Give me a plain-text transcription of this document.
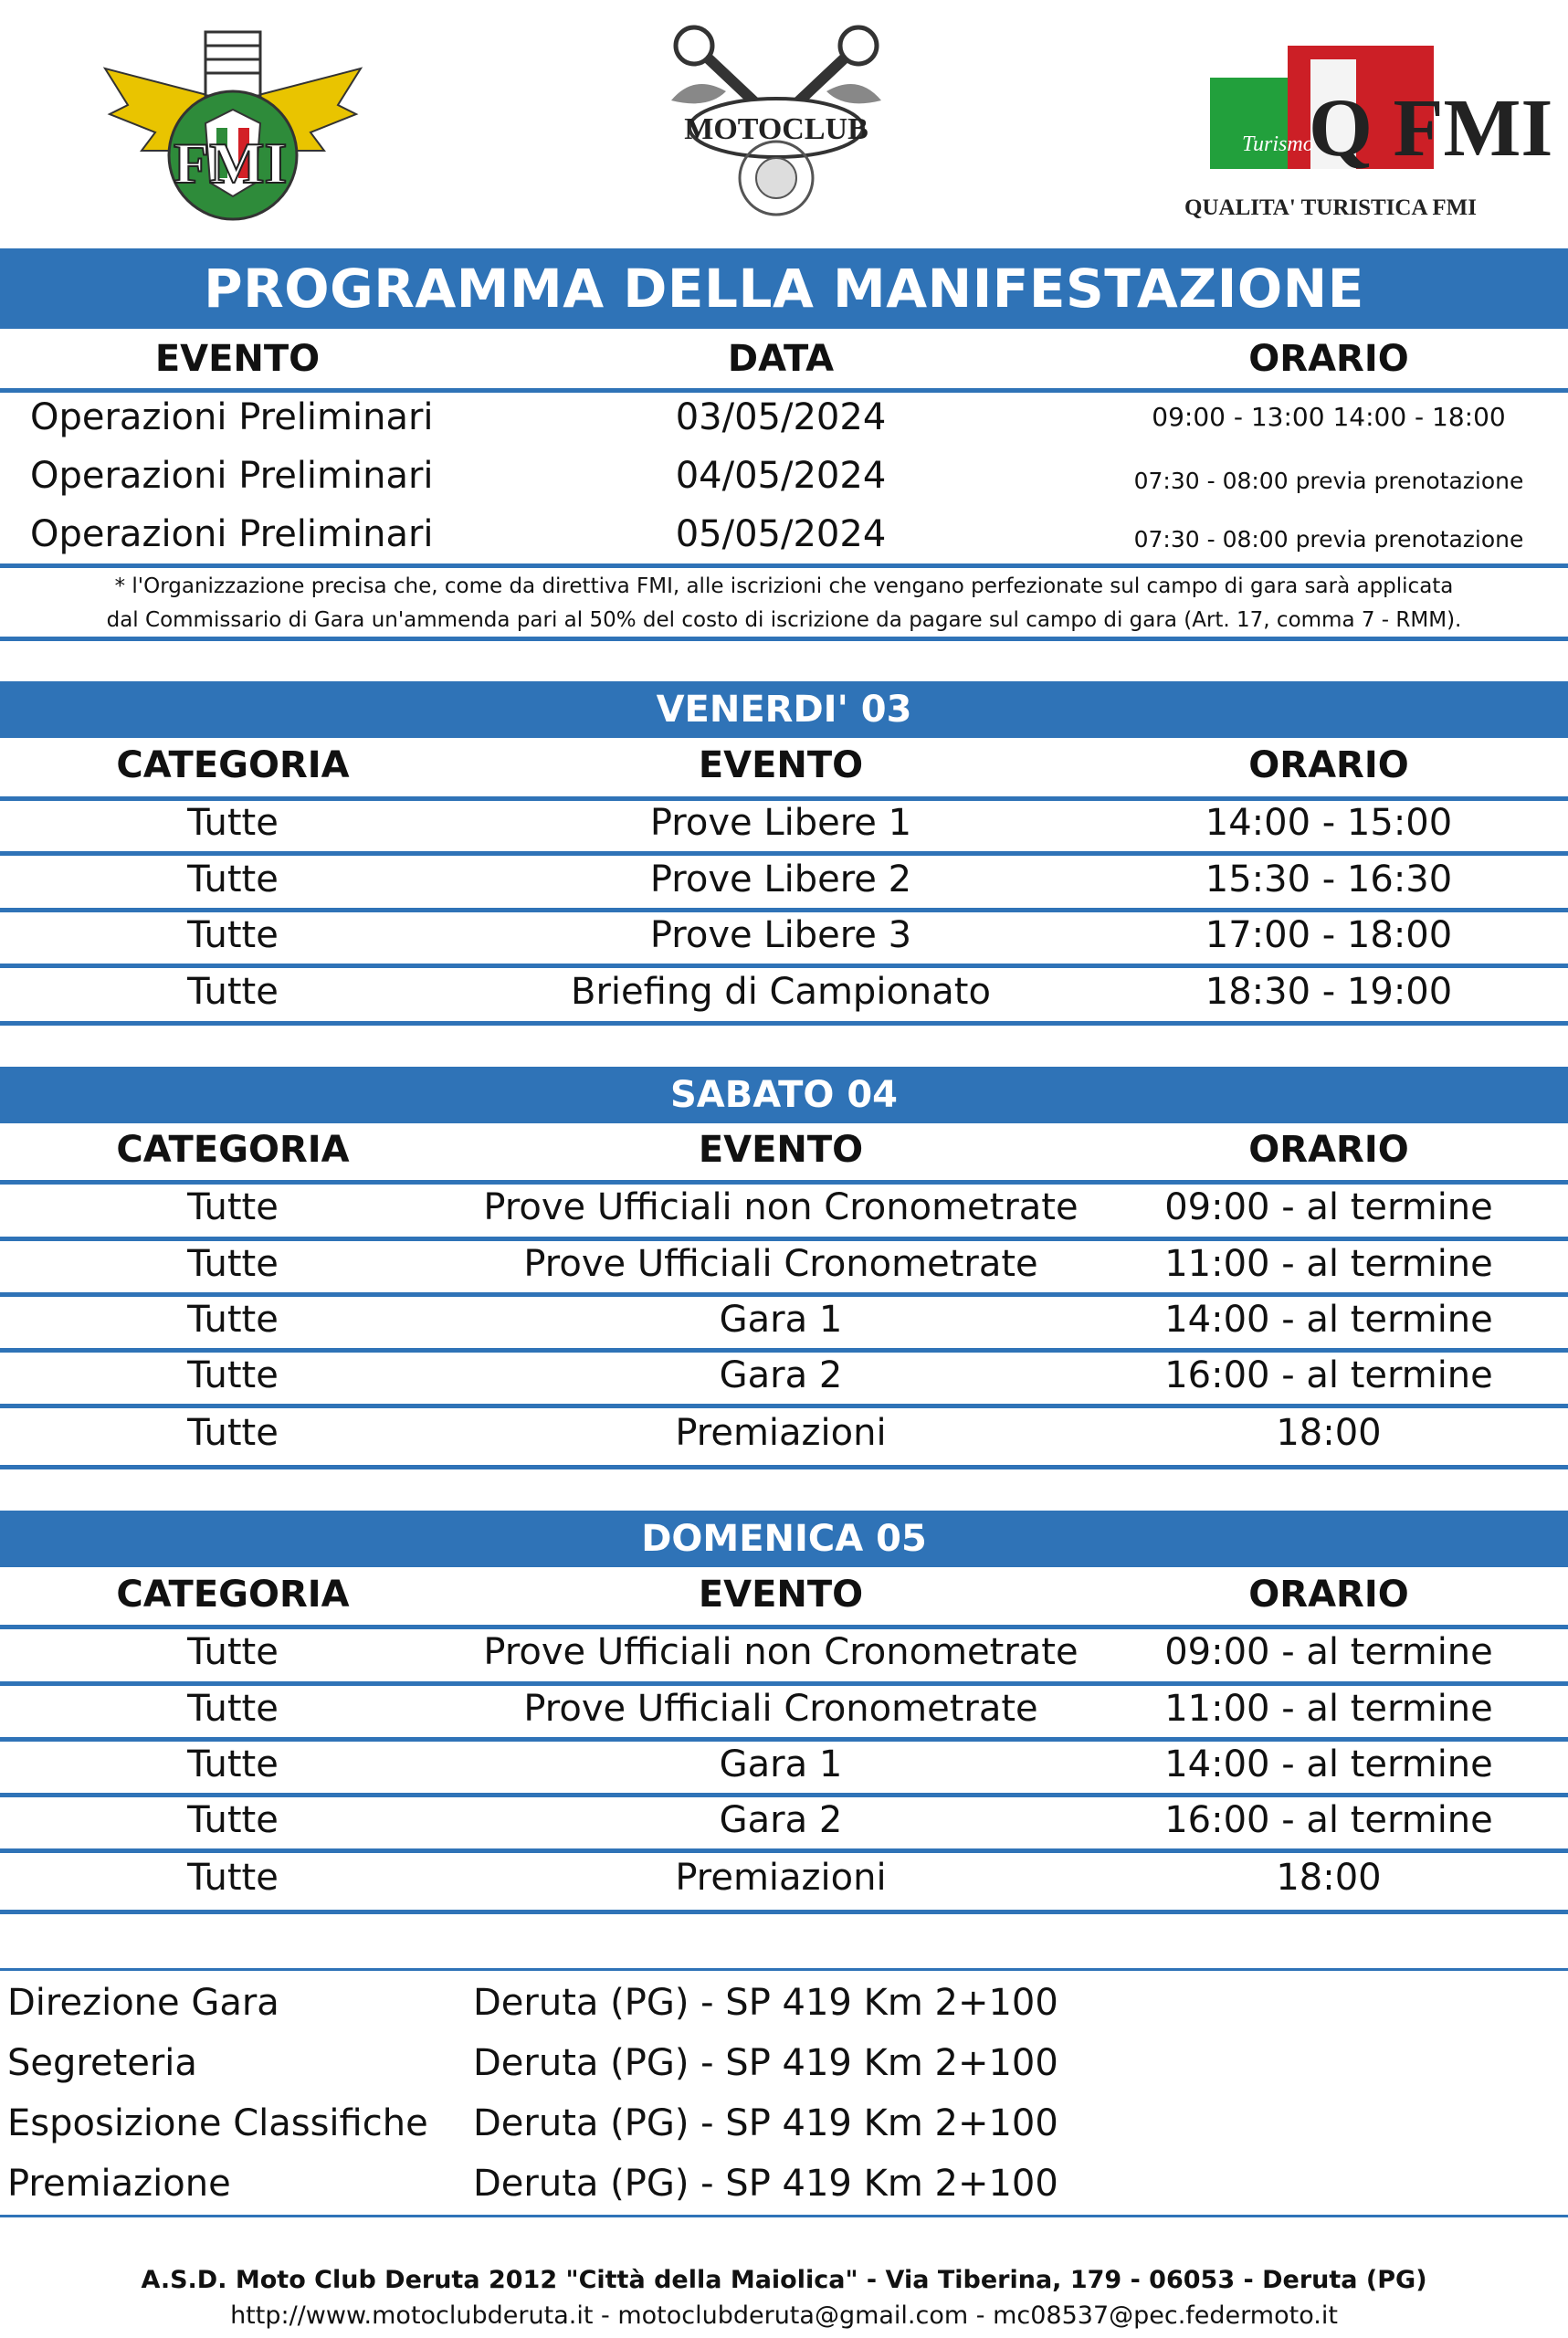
FMI
MOTOCLUB	Turismo
Q FMI
QUALITA' TURISTICA FMI
PROGRAMMA DELLA MANIFESTAZIONE
EVENTO	DATA	ORARIO
Operazioni Preliminari	03/05/2024	09:00 - 13:00 14:00 - 18:00
Operazioni Preliminari	04/05/2024	07:30 - 08:00 previa prenotazione
Operazioni Preliminari	05/05/2024	07:30 - 08:00 previa prenotazione
* l'Organizzazione precisa che, come da direttiva FMI, alle iscrizioni che vengano perfezionate sul campo di gara sarà applicata
dal Commissario di Gara un'ammenda pari al 50% del costo di iscrizione da pagare sul campo di gara (Art. 17, comma 7 - RMM).
VENERDI' 03
CATEGORIA	EVENTO	ORARIO
Tutte	Prove Libere 1	14:00 - 15:00
Tutte	Prove Libere 2	15:30 - 16:30
Tutte	Prove Libere 3	17:00 - 18:00
Tutte	Briefing di Campionato	18:30 - 19:00
SABATO 04
CATEGORIA	EVENTO	ORARIO
Tutte	Prove Ufficiali non Cronometrate	09:00 - al termine
Tutte	Prove Ufficiali Cronometrate	11:00 - al termine
Tutte	Gara 1	14:00 - al termine
Tutte	Gara 2	16:00 - al termine
Tutte	Premiazioni	18:00
DOMENICA 05
CATEGORIA	EVENTO	ORARIO
Tutte	Prove Ufficiali non Cronometrate	09:00 - al termine
Tutte	Prove Ufficiali Cronometrate	11:00 - al termine
Tutte	Gara 1	14:00 - al termine
Tutte	Gara 2	16:00 - al termine
Tutte	Premiazioni	18:00
Direzione Gara	Deruta (PG) - SP 419 Km 2+100
Segreteria	Deruta (PG) - SP 419 Km 2+100
Esposizione Classifiche Deruta (PG) - SP 419 Km 2+100
Premiazione	Deruta (PG) - SP 419 Km 2+100
A.S.D. Moto Club Deruta 2012 "Città della Maiolica" - Via Tiberina, 179 - 06053 - Deruta (PG)
http://www.motoclubderuta.it - motoclubderuta@gmail.com - mc08537@pec.federmoto.it
